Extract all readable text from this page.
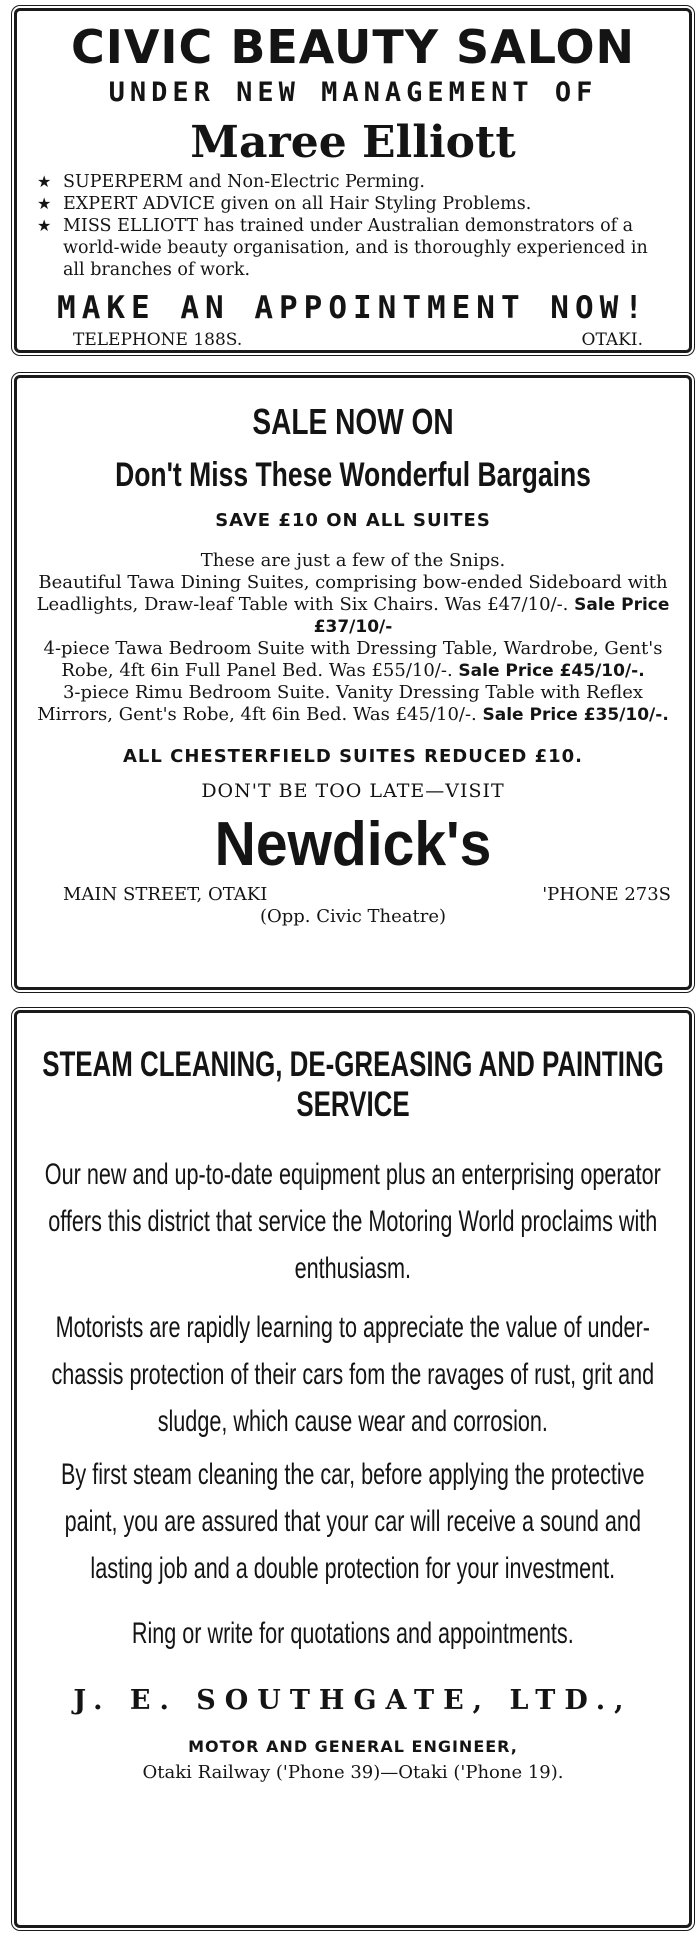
CIVIC BEAUTY SALON
UNDER NEW MANAGEMENT OF
Maree Elliott
★ SUPERPERM and Non-Electric Perming.
★ EXPERT ADVICE given on all Hair Styling Problems.
★ MISS ELLIOTT has trained under Australian demonstrators of a world-wide beauty organisation, and is thoroughly experienced in all branches of work.
MAKE AN APPOINTMENT NOW!
TELEPHONE 188S.	OTAKI.
SALE NOW ON
Don't Miss These Wonderful Bargains
SAVE £10 ON ALL SUITES
These are just a few of the Snips.
Beautiful Tawa Dining Suites, comprising bow-ended Sideboard with Leadlights, Draw-leaf Table with Six Chairs. Was £47/10/-. Sale Price £37/10/-
4-piece Tawa Bedroom Suite with Dressing Table, Wardrobe, Gent's Robe, 4ft 6in Full Panel Bed. Was £55/10/-. Sale Price £45/10/-.
3-piece Rimu Bedroom Suite. Vanity Dressing Table with Reflex Mirrors, Gent's Robe, 4ft 6in Bed. Was £45/10/-. Sale Price £35/10/-.
ALL CHESTERFIELD SUITES REDUCED £10.
DON'T BE TOO LATE—VISIT
Newdick's
MAIN STREET, OTAKI	'PHONE 273S
(Opp. Civic Theatre)
STEAM CLEANING, DE-GREASING AND PAINTING SERVICE
Our new and up-to-date equipment plus an enterprising operator offers this district that service the Motoring World proclaims with enthusiasm.
Motorists are rapidly learning to appreciate the value of under-chassis protection of their cars fom the ravages of rust, grit and sludge, which cause wear and corrosion.
By first steam cleaning the car, before applying the protective paint, you are assured that your car will receive a sound and lasting job and a double protection for your investment.
Ring or write for quotations and appointments.
J. E. SOUTHGATE, LTD.,
MOTOR AND GENERAL ENGINEER,
Otaki Railway ('Phone 39)—Otaki ('Phone 19).
